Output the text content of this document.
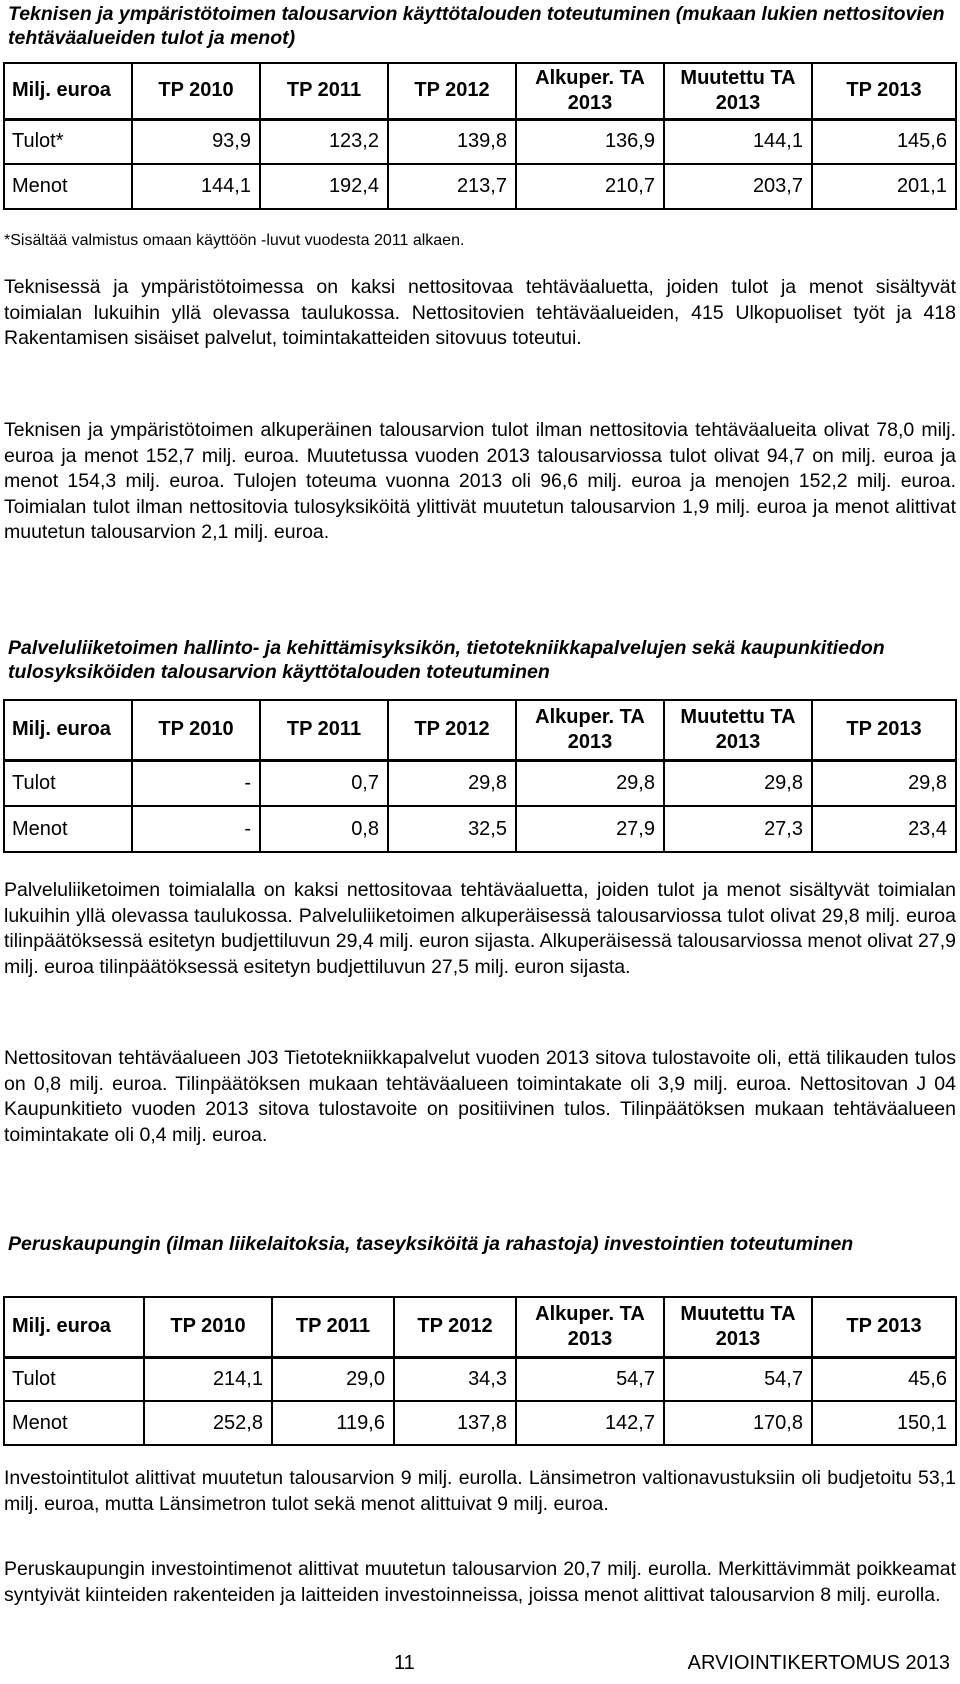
Teknisen ja ympäristötoimen talousarvion käyttötalouden toteutuminen (mukaan lukien nettositovien tehtäväalueiden tulot ja menot)
Milj. euroa	TP 2010	TP 2011	TP 2012	Alkuper. TA 2013	Muutettu TA 2013	TP 2013
Tulot*	93,9	123,2	139,8	136,9	144,1	145,6
Menot	144,1	192,4	213,7	210,7	203,7	201,1
*Sisältää valmistus omaan käyttöön -luvut vuodesta 2011 alkaen.

Teknisessä ja ympäristötoimessa on kaksi nettositovaa tehtäväaluetta, joiden tulot ja menot sisältyvät toimialan lukuihin yllä olevassa taulukossa. Nettositovien tehtäväalueiden, 415 Ulkopuoliset työt ja 418 Rakentamisen sisäiset palvelut, toimintakatteiden sitovuus toteutui.

Teknisen ja ympäristötoimen alkuperäinen talousarvion tulot ilman nettositovia tehtäväalueita olivat 78,0 milj. euroa ja menot 152,7 milj. euroa. Muutetussa vuoden 2013 talousarviossa tulot olivat 94,7 on milj. euroa ja menot 154,3 milj. euroa. Tulojen toteuma vuonna 2013 oli 96,6 milj. euroa ja menojen 152,2 milj. euroa. Toimialan tulot ilman nettositovia tulosyksiköitä ylittivät muutetun talousarvion 1,9 milj. euroa ja menot alittivat muutetun talousarvion 2,1 milj. euroa.

Palveluliiketoimen hallinto- ja kehittämisyksikön, tietotekniikkapalvelujen sekä kaupunkitiedon tulosyksiköiden talousarvion käyttötalouden toteutuminen
Milj. euroa	TP 2010	TP 2011	TP 2012	Alkuper. TA 2013	Muutettu TA 2013	TP 2013
Tulot	-	0,7	29,8	29,8	29,8	29,8
Menot	-	0,8	32,5	27,9	27,3	23,4

Palveluliiketoimen toimialalla on kaksi nettositovaa tehtäväaluetta, joiden tulot ja menot sisältyvät toimialan lukuihin yllä olevassa taulukossa. Palveluliiketoimen alkuperäisessä talousarviossa tulot olivat 29,8 milj. euroa tilinpäätöksessä esitetyn budjettiluvun 29,4 milj. euron sijasta. Alkuperäisessä talousarviossa menot olivat 27,9 milj. euroa tilinpäätöksessä esitetyn budjettiluvun 27,5 milj. euron sijasta.

Nettositovan tehtäväalueen J03 Tietotekniikkapalvelut vuoden 2013 sitova tulostavoite oli, että tilikauden tulos on 0,8 milj. euroa. Tilinpäätöksen mukaan tehtäväalueen toimintakate oli 3,9 milj. euroa. Nettositovan J 04 Kaupunkitieto vuoden 2013 sitova tulostavoite on positiivinen tulos. Tilinpäätöksen mukaan tehtäväalueen toimintakate oli 0,4 milj. euroa.

Peruskaupungin (ilman liikelaitoksia, taseyksiköitä ja rahastoja) investointien toteutuminen
Milj. euroa	TP 2010	TP 2011	TP 2012	Alkuper. TA 2013	Muutettu TA 2013	TP 2013
Tulot	214,1	29,0	34,3	54,7	54,7	45,6
Menot	252,8	119,6	137,8	142,7	170,8	150,1

Investointitulot alittivat muutetun talousarvion 9 milj. eurolla. Länsimetron valtionavustuksiin oli budjetoitu 53,1 milj. euroa, mutta Länsimetron tulot sekä menot alittuivat 9 milj. euroa.

Peruskaupungin investointimenot alittivat muutetun talousarvion 20,7 milj. eurolla. Merkittävimmät poikkeamat syntyivät kiinteiden rakenteiden ja laitteiden investoinneissa, joissa menot alittivat talousarvion 8 milj. eurolla.

11	ARVIOINTIKERTOMUS 2013
